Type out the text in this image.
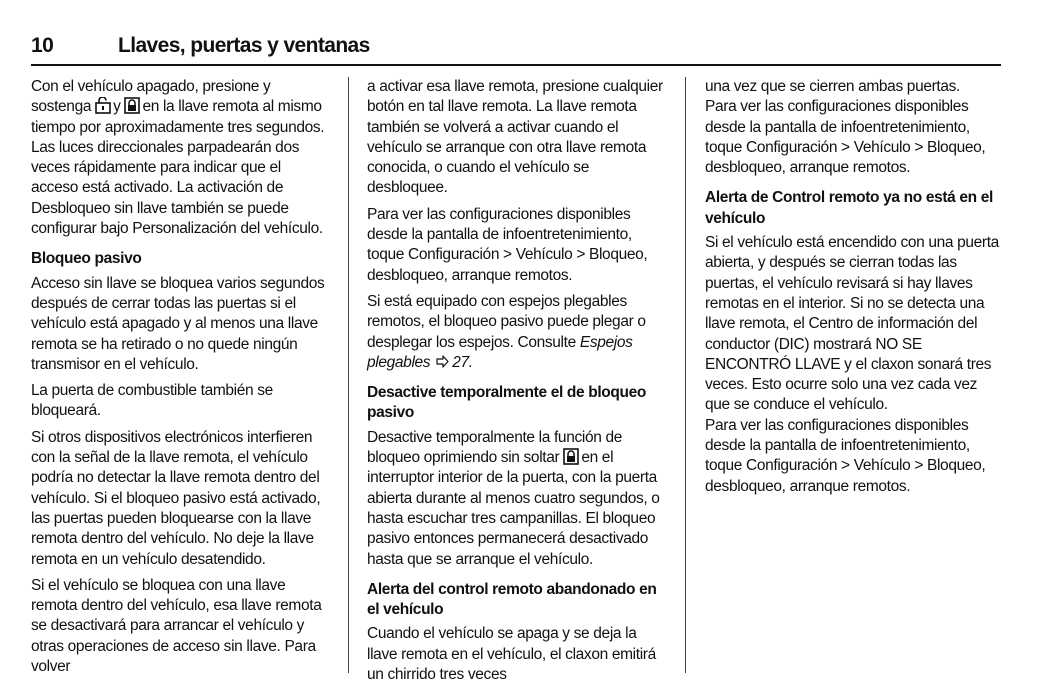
10	Llaves, puertas y ventanas

Con el vehículo apagado, presione y sostenga y en la llave remota al mismo tiempo por aproximadamente tres segundos. Las luces direccionales parpadearán dos veces rápidamente para indicar que el acceso está activado. La activación de Desbloqueo sin llave también se puede configurar bajo Personalización del vehículo.

Bloqueo pasivo

Acceso sin llave se bloquea varios segundos después de cerrar todas las puertas si el vehículo está apagado y al menos una llave remota se ha retirado o no quede ningún transmisor en el vehículo.

La puerta de combustible también se bloqueará.

Si otros dispositivos electrónicos interfieren con la señal de la llave remota, el vehículo podría no detectar la llave remota dentro del vehículo. Si el bloqueo pasivo está activado, las puertas pueden bloquearse con la llave remota dentro del vehículo. No deje la llave remota en un vehículo desatendido.

Si el vehículo se bloquea con una llave remota dentro del vehículo, esa llave remota se desactivará para arrancar el vehículo y otras operaciones de acceso sin llave. Para volver

a activar esa llave remota, presione cualquier botón en tal llave remota. La llave remota también se volverá a activar cuando el vehículo se arranque con otra llave remota conocida, o cuando el vehículo se desbloquee.

Para ver las configuraciones disponibles desde la pantalla de infoentretenimiento, toque Configuración > Vehículo > Bloqueo, desbloqueo, arranque remotos.

Si está equipado con espejos plegables remotos, el bloqueo pasivo puede plegar o desplegar los espejos. Consulte Espejos plegables 27.

Desactive temporalmente el de bloqueo pasivo

Desactive temporalmente la función de bloqueo oprimiendo sin soltar en el interruptor interior de la puerta, con la puerta abierta durante al menos cuatro segundos, o hasta escuchar tres campanillas. El bloqueo pasivo entonces permanecerá desactivado hasta que se arranque el vehículo.

Alerta del control remoto abandonado en el vehículo

Cuando el vehículo se apaga y se deja la llave remota en el vehículo, el claxon emitirá un chirrido tres veces

una vez que se cierren ambas puertas.

Para ver las configuraciones disponibles desde la pantalla de infoentretenimiento, toque Configuración > Vehículo > Bloqueo, desbloqueo, arranque remotos.

Alerta de Control remoto ya no está en el vehículo

Si el vehículo está encendido con una puerta abierta, y después se cierran todas las puertas, el vehículo revisará si hay llaves remotas en el interior. Si no se detecta una llave remota, el Centro de información del conductor (DIC) mostrará NO SE ENCONTRÓ LLAVE y el claxon sonará tres veces. Esto ocurre solo una vez cada vez que se conduce el vehículo.

Para ver las configuraciones disponibles desde la pantalla de infoentretenimiento, toque Configuración > Vehículo > Bloqueo, desbloqueo, arranque remotos.
